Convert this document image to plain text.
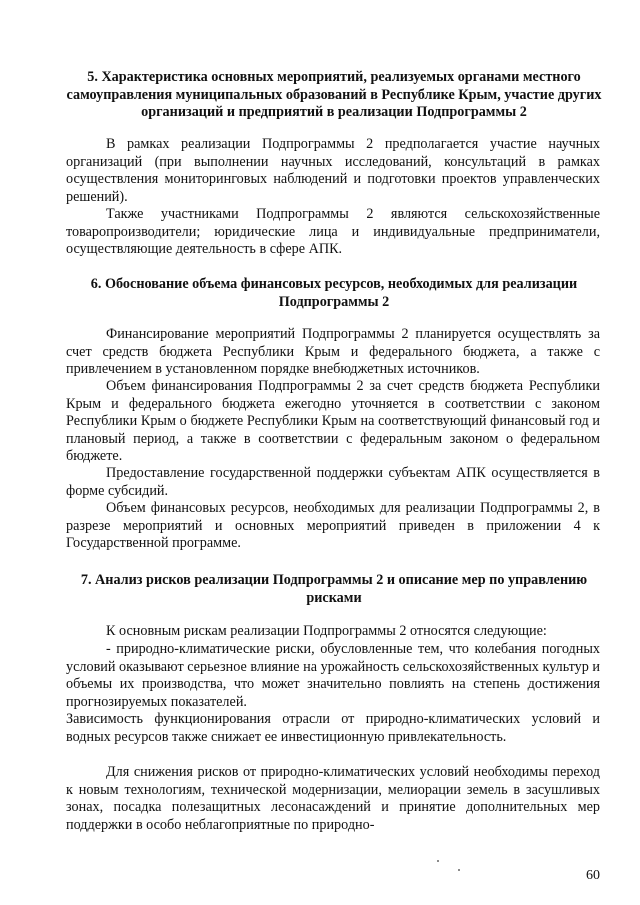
5. Характеристика основных мероприятий, реализуемых органами местного самоуправления муниципальных образований в Республике Крым, участие других организаций и предприятий в реализации Подпрограммы 2
В рамках реализации Подпрограммы 2 предполагается участие научных организаций (при выполнении научных исследований, консультаций в рамках осуществления мониторинговых наблюдений и подготовки проектов управленческих решений).
Также участниками Подпрограммы 2 являются сельскохозяйственные товаропроизводители; юридические лица и индивидуальные предприниматели, осуществляющие деятельность в сфере АПК.
6. Обоснование объема финансовых ресурсов, необходимых для реализации Подпрограммы 2
Финансирование мероприятий Подпрограммы 2 планируется осуществлять за счет средств бюджета Республики Крым и федерального бюджета, а также с привлечением в установленном порядке внебюджетных источников.
Объем финансирования Подпрограммы 2 за счет средств бюджета Республики Крым и федерального бюджета ежегодно уточняется в соответствии с законом Республики Крым о бюджете Республики Крым на соответствующий финансовый год и плановый период, а также в соответствии с федеральным законом о федеральном бюджете.
Предоставление государственной поддержки субъектам АПК осуществляется в форме субсидий.
Объем финансовых ресурсов, необходимых для реализации Подпрограммы 2, в разрезе мероприятий и основных мероприятий приведен в приложении 4 к Государственной программе.
7. Анализ рисков реализации Подпрограммы 2 и описание мер по управлению рисками
К основным рискам реализации Подпрограммы 2 относятся следующие:
- природно-климатические риски, обусловленные тем, что колебания погодных условий оказывают серьезное влияние на урожайность сельскохозяйственных культур и объемы их производства, что может значительно повлиять на степень достижения прогнозируемых показателей.
Зависимость функционирования отрасли от природно-климатических условий и водных ресурсов также снижает ее инвестиционную привлекательность.
Для снижения рисков от природно-климатических условий необходимы переход к новым технологиям, технической модернизации, мелиорации земель в засушливых зонах, посадка полезащитных лесонасаждений и принятие дополнительных мер поддержки в особо неблагоприятные по природно-
60
